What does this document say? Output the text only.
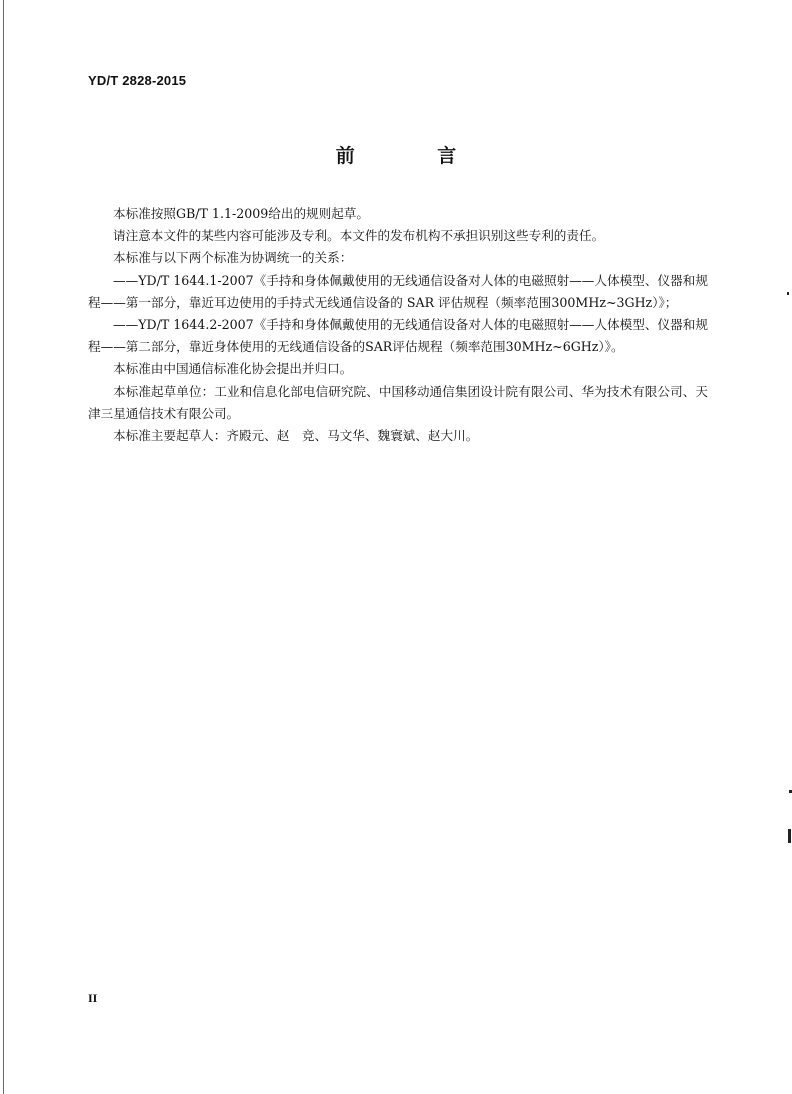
YD/T 2828-2015
前 言

本标准按照GB/T 1.1-2009给出的规则起草。

请注意本文件的某些内容可能涉及专利。本文件的发布机构不承担识别这些专利的责任。

本标准与以下两个标准为协调统一的关系：

——YD/T 1644.1-2007《手持和身体佩戴使用的无线通信设备对人体的电磁照射——人体模型、仪器和规程——第一部分，靠近耳边使用的手持式无线通信设备的 SAR 评估规程（频率范围300MHz~3GHz）》；

——YD/T 1644.2-2007《手持和身体佩戴使用的无线通信设备对人体的电磁照射——人体模型、仪器和规程——第二部分，靠近身体使用的无线通信设备的SAR评估规程（频率范围30MHz~6GHz）》。

本标准由中国通信标准化协会提出并归口。

本标准起草单位：工业和信息化部电信研究院、中国移动通信集团设计院有限公司、华为技术有限公司、天津三星通信技术有限公司。

本标准主要起草人：齐殿元、赵　竞、马文华、魏寰斌、赵大川。

II
